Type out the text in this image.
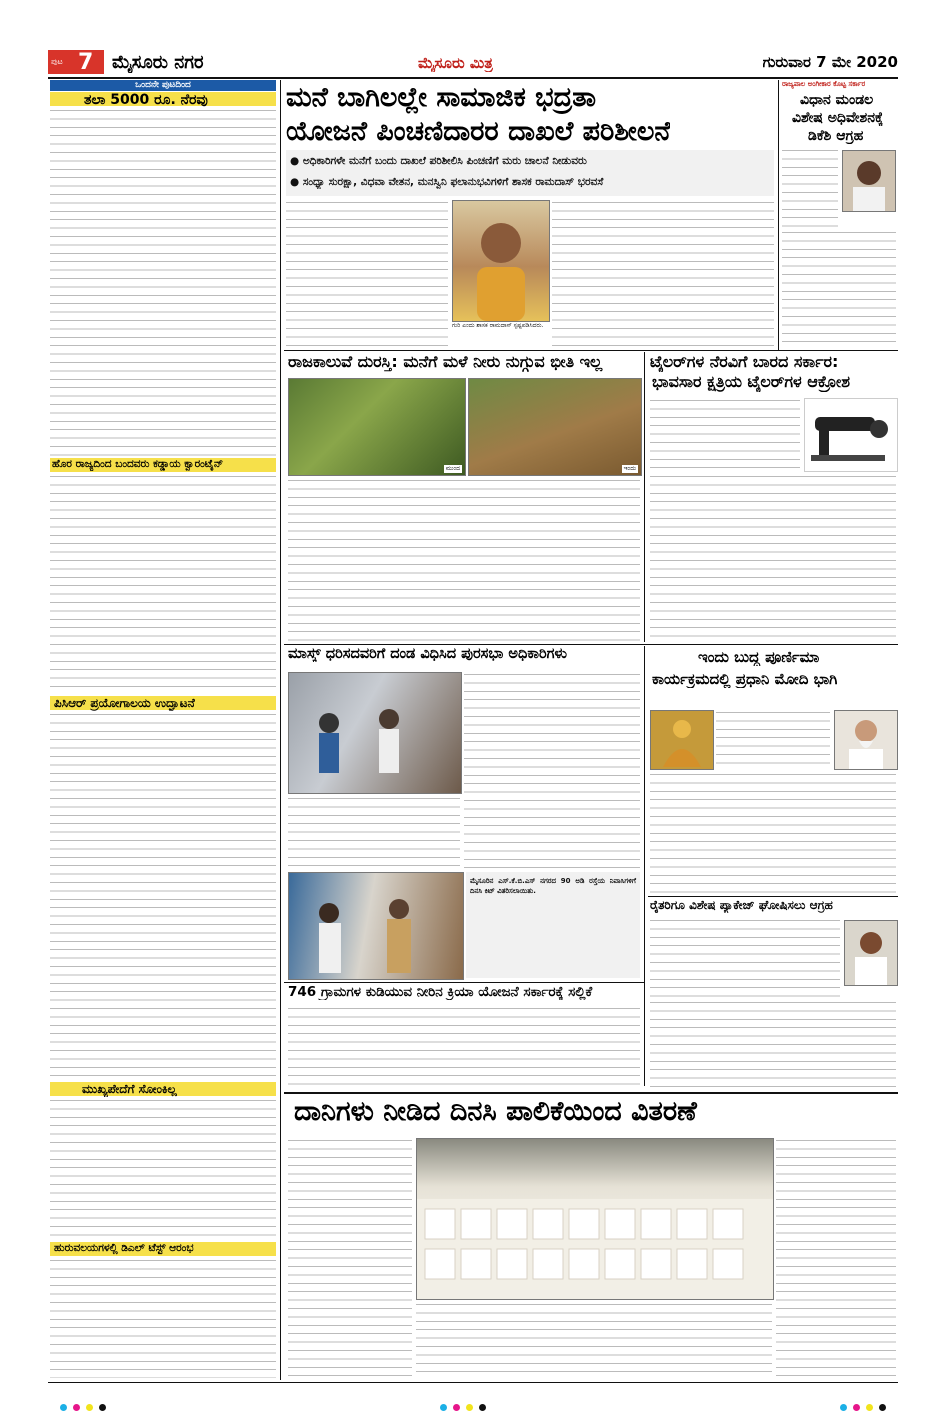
ಪುಟ 7 ಮೈಸೂರು ನಗರ	ಮೈಸೂರು ಮಿತ್ರ	ಗುರುವಾರ 7 ಮೇ 2020
ಒಂದನೇ ಪುಟದಿಂದ
ತಲಾ 5000 ರೂ. ನೆರವು
ಹೊರ ರಾಜ್ಯದಿಂದ ಬಂದವರು ಕಡ್ಡಾಯ ಕ್ವಾರಂಟೈನ್
ಪಿಸಿಆರ್ ಪ್ರಯೋಗಾಲಯ ಉದ್ಘಾಟನೆ
ಮುಖ್ಯಪೇದೆಗೆ ಸೋಂಕಿಲ್ಲ
ಹುರುವಲಯಗಳಲ್ಲಿ ಡಿಎಲ್ ಟೆಸ್ಟ್ ಆರಂಭ
ಮನೆ ಬಾಗಿಲಲ್ಲೇ ಸಾಮಾಜಿಕ ಭದ್ರತಾ
ಯೋಜನೆ ಪಿಂಚಣಿದಾರರ ದಾಖಲೆ ಪರಿಶೀಲನೆ
● ಅಧಿಕಾರಿಗಳೇ ಮನೆಗೆ ಬಂದು ದಾಖಲೆ ಪರಿಶೀಲಿಸಿ ಪಿಂಚಣಿಗೆ ಮರು ಚಾಲನೆ ನೀಡುವರು
● ಸಂಧ್ಯಾ ಸುರಕ್ಷಾ, ವಿಧವಾ ವೇತನ, ಮನಸ್ವಿನಿ ಫಲಾನುಭವಿಗಳಿಗೆ ಶಾಸಕ ರಾಮದಾಸ್ ಭರವಸೆ
ಗುರಿ ಎಂದು ಶಾಸಕ ರಾಮದಾಸ್ ಸ್ಪಷ್ಟಪಡಿಸಿದರು.
ರಾಜ್ಯಪಾಲ ಅಂಗೀಕಾರ ಕೊಟ್ಟ ಸರ್ಕಾರ
ವಿಧಾನ ಮಂಡಲ
ವಿಶೇಷ ಅಧಿವೇಶನಕ್ಕೆ
ಡಿಕೆಶಿ ಆಗ್ರಹ
ರಾಜಕಾಲುವೆ ದುರಸ್ತಿ: ಮನೆಗೆ ಮಳೆ ನೀರು ನುಗ್ಗುವ ಭೀತಿ ಇಲ್ಲ
ಮುಂದ	ಇಂದು
ಟೈಲರ್‌ಗಳ ನೆರವಿಗೆ ಬಾರದ ಸರ್ಕಾರ:
ಭಾವಸಾರ ಕ್ಷತ್ರಿಯ ಟೈಲರ್‌ಗಳ ಆಕ್ರೋಶ
ಮಾಸ್ಕ್ ಧರಿಸದವರಿಗೆ ದಂಡ ವಿಧಿಸಿದ ಪುರಸಭಾ ಅಧಿಕಾರಿಗಳು	ಇಂದು ಬುದ್ಧ ಪೂರ್ಣಿಮಾ
ಕಾರ್ಯಕ್ರಮದಲ್ಲಿ ಪ್ರಧಾನಿ ಮೋದಿ ಭಾಗಿ
ಮೈಸೂರಿನ ಎಸ್.ಕೆ.ಬಿ.ಎಸ್ ನಗರದ 90 ಅಡಿ ರಸ್ತೆಯ ನಿವಾಸಿಗಳಿಗೆ ದಿನಸಿ ಕಿಟ್ ವಿತರಿಸಲಾಯಿತು.
746 ಗ್ರಾಮಗಳ ಕುಡಿಯುವ ನೀರಿನ ಕ್ರಿಯಾ ಯೋಜನೆ ಸರ್ಕಾರಕ್ಕೆ ಸಲ್ಲಿಕೆ
ರೈತರಿಗೂ ವಿಶೇಷ ಪ್ಯಾಕೇಜ್ ಘೋಷಿಸಲು ಆಗ್ರಹ
ದಾನಿಗಳು ನೀಡಿದ ದಿನಸಿ ಪಾಲಿಕೆಯಿಂದ ವಿತರಣೆ
